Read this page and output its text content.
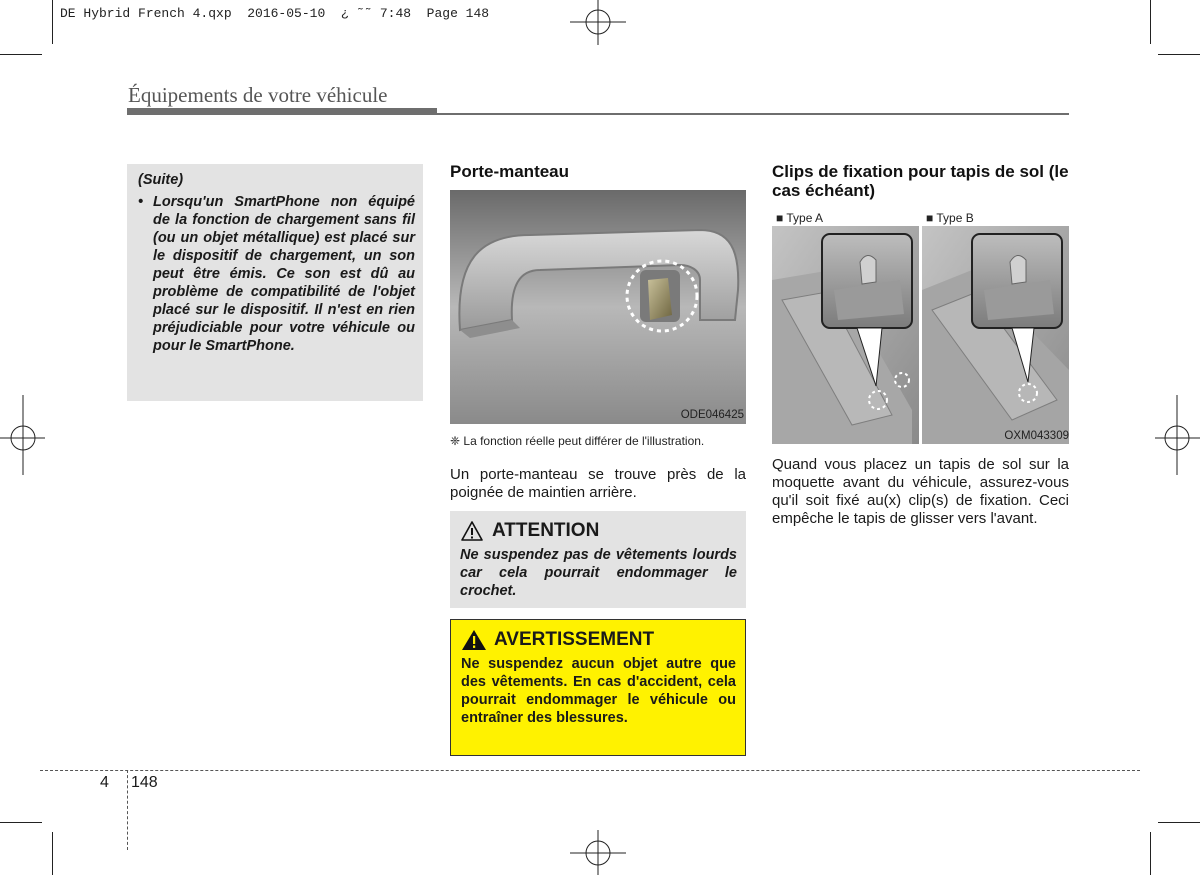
DE Hybrid French 4.qxp  2016-05-10  ¿ ˜˜ 7:48  Page 148
Équipements de votre véhicule
(Suite)
• Lorsqu'un SmartPhone non équipé de la fonction de chargement sans fil (ou un objet métallique) est placé sur le dispositif de chargement, un son peut être émis. Ce son est dû au problème de compatibilité de l'objet placé sur le dispositif. Il n'est en rien préjudiciable pour votre véhicule ou pour le SmartPhone.
Porte-manteau
ODE046425
❈ La fonction réelle peut différer de l'illustration.
Un porte-manteau se trouve près de la poignée de maintien arrière.
ATTENTION
Ne suspendez pas de vêtements lourds car cela pourrait endommager le crochet.
AVERTISSEMENT
Ne suspendez aucun objet autre que des vêtements. En cas d'accident, cela pourrait endommager le véhicule ou entraîner des blessures.
Clips de fixation pour tapis de sol (le cas échéant)
■ Type A	■ Type B
OXM043309
Quand vous placez un tapis de sol sur la moquette avant du véhicule, assurez-vous qu'il soit fixé au(x) clip(s) de fixation. Ceci empêche le tapis de glisser vers l'avant.
4 148
